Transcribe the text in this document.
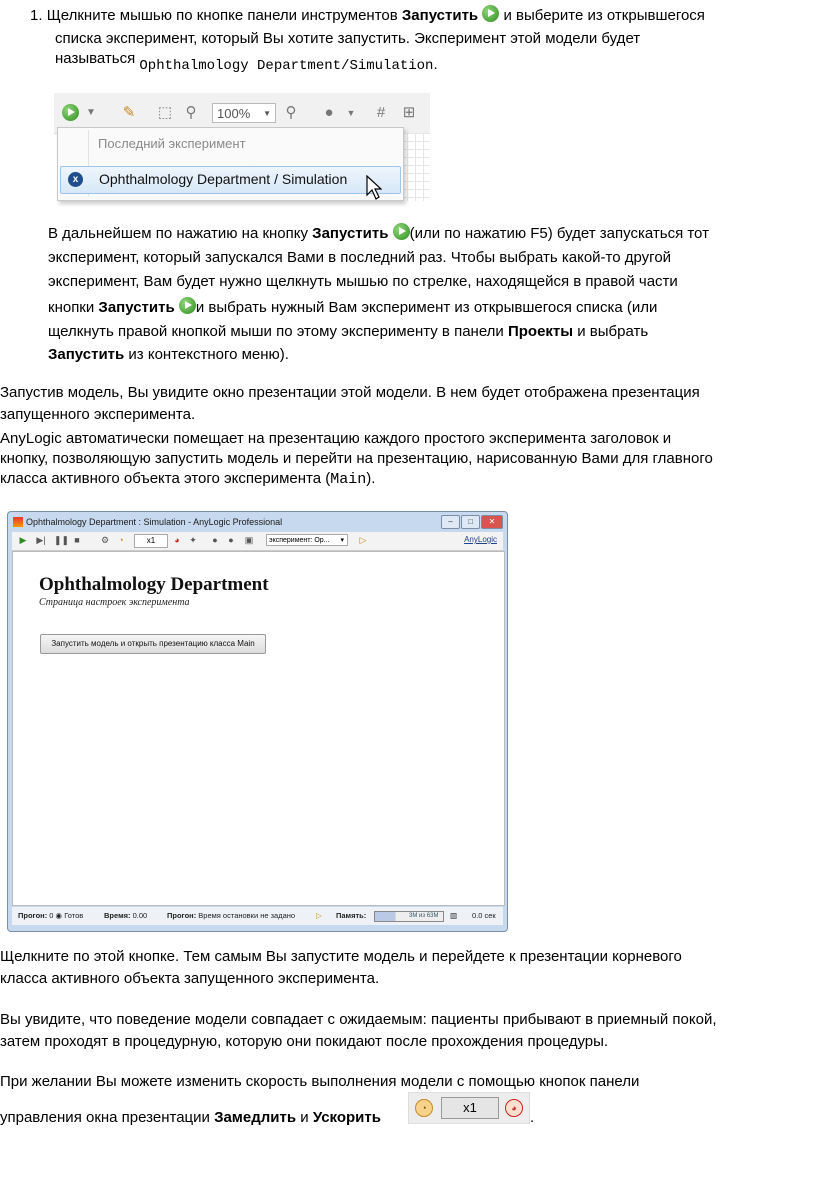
1. Щелкните мышью по кнопке панели инструментов Запустить  и выберите из открывшегося
списка эксперимент, который Вы хотите запустить. Эксперимент этой модели будет
называться Ophthalmology Department/Simulation.
▼ ✎ ⬚ ⚲	100% ▼ ⚲ ●	▼	#	⊞
Последний эксперимент
x	Ophthalmology Department / Simulation
В дальнейшем по нажатию на кнопку Запустить (или по нажатию F5) будет запускаться тот
эксперимент, который запускался Вами в последний раз. Чтобы выбрать какой-то другой
эксперимент, Вам будет нужно щелкнуть мышью по стрелке, находящейся в правой части
кнопки Запустить и выбрать нужный Вам эксперимент из открывшегося списка (или
щелкнуть правой кнопкой мыши по этому эксперименту в панели Проекты и выбрать
Запустить из контекстного меню).
Запустив модель, Вы увидите окно презентации этой модели. В нем будет отображена презентация
запущенного эксперимента.
AnyLogic автоматически помещает на презентацию каждого простого эксперимента заголовок и
кнопку, позволяющую запустить модель и перейти на презентацию, нарисованную Вами для главного
класса активного объекта этого эксперимента (Main).
Ophthalmology Department : Simulation - AnyLogic Professional	–	□	✕
▶ ▶| ❚❚ ■ ⚙ ◔	x1	◕ ✦ ● ● ▣	эксперимент: Op... ▾ ▷	AnyLogic
Ophthalmology Department
Страница настроек эксперимента
Запустить модель и открыть презентацию класса Main
Прогон: 0 ◉ Готов	Время: 0.00	Прогон: Время остановки не задано	▷ Память:	3M из 63M ▥ 0.0 сек
Щелкните по этой кнопке. Тем самым Вы запустите модель и перейдете к презентации корневого
класса активного объекта запущенного эксперимента.
Вы увидите, что поведение модели совпадает с ожидаемым: пациенты прибывают в приемный покой,
затем проходят в процедурную, которую они покидают после прохождения процедуры.
При желании Вы можете изменить скорость выполнения модели с помощью кнопок панели
управления окна презентации Замедлить и Ускорить
◔	x1	◕
.
